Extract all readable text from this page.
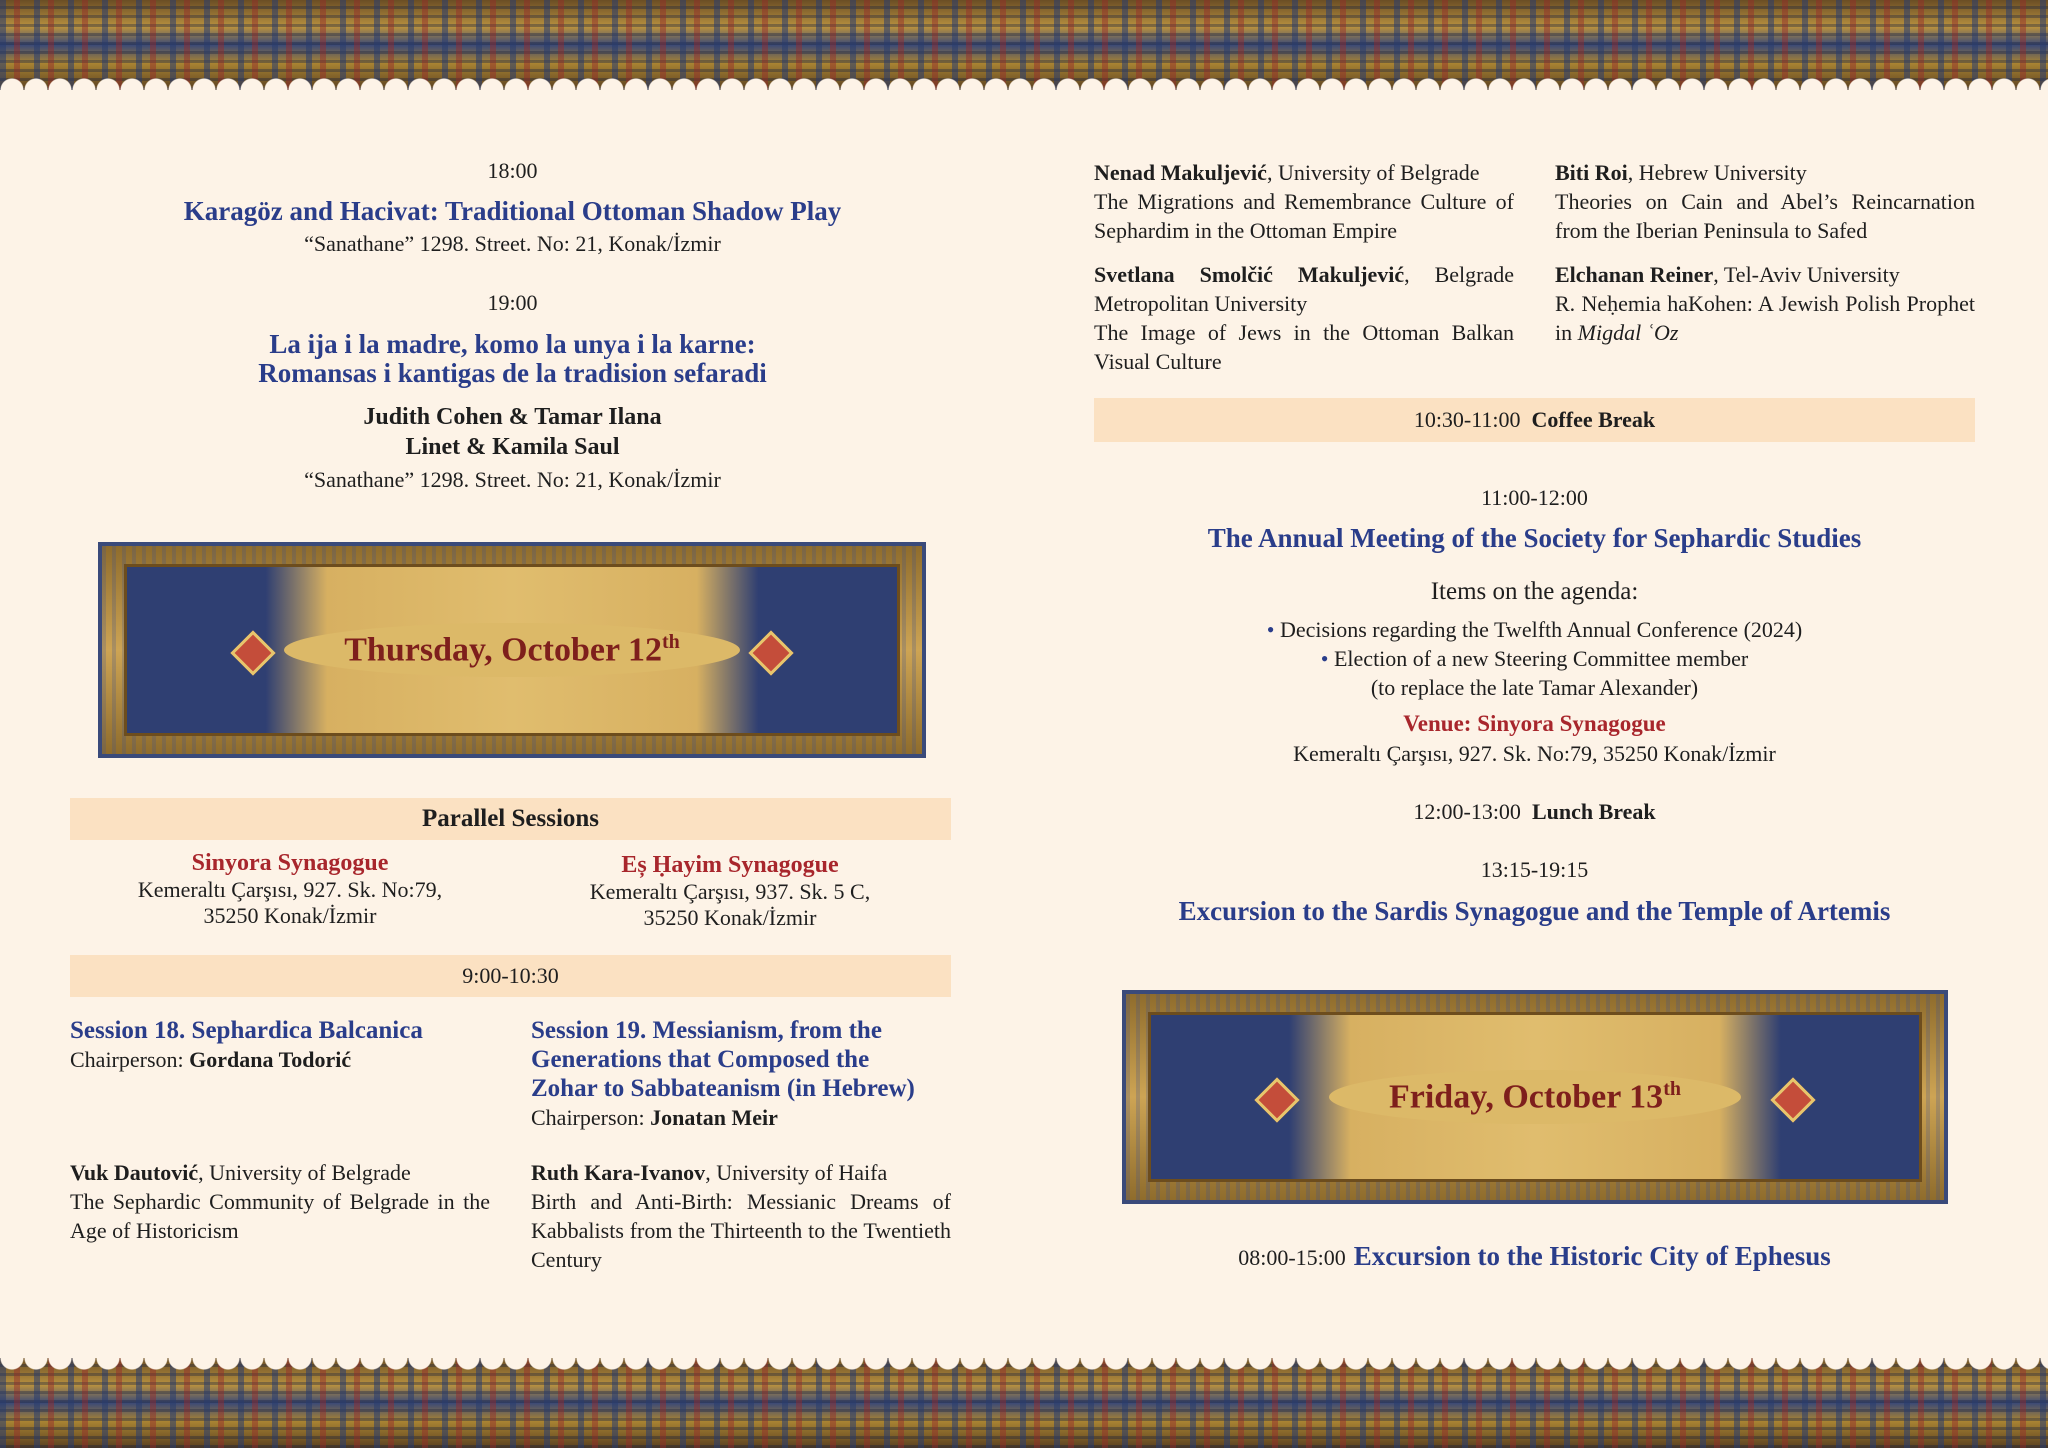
18:00
Karagöz and Hacivat: Traditional Ottoman Shadow Play
“Sanathane” 1298. Street. No: 21, Konak/İzmir
19:00
La ija i la madre, komo la unya i la karne:
Romansas i kantigas de la tradision sefaradi
Judith Cohen & Tamar Ilana
Linet & Kamila Saul
“Sanathane” 1298. Street. No: 21, Konak/İzmir
Thursday, October 12th
Parallel Sessions
Sinyora Synagogue
Kemeraltı Çarşısı, 927. Sk. No:79,
35250 Konak/İzmir
Eș Ḥayim Synagogue
Kemeraltı Çarşısı, 937. Sk. 5 C,
35250 Konak/İzmir
9:00-10:30
Session 18. Sephardica Balcanica
Chairperson: Gordana Todorić
Session 19. Messianism, from the
Generations that Composed the
Zohar to Sabbateanism (in Hebrew)
Chairperson: Jonatan Meir
Vuk Dautović, University of Belgrade
The Sephardic Community of Belgrade in the Age of Historicism
Ruth Kara-Ivanov, University of Haifa
Birth and Anti-Birth: Messianic Dreams of Kabbalists from the Thirteenth to the Twentieth Century
Nenad Makuljević, University of Belgrade
The Migrations and Remembrance Culture of Sephardim in the Ottoman Empire
Svetlana Smolčić Makuljević, Belgrade Metropolitan University
The Image of Jews in the Ottoman Balkan Visual Culture
Biti Roi, Hebrew University
Theories on Cain and Abel’s Reincarnation from the Iberian Peninsula to Safed
Elchanan Reiner, Tel-Aviv University
R. Neḥemia haKohen: A Jewish Polish Prophet in Migdal ʿOz
10:30-11:00
Coffee Break
11:00-12:00
The Annual Meeting of the Society for Sephardic Studies
Items on the agenda:
• Decisions regarding the Twelfth Annual Conference (2024)
• Election of a new Steering Committee member
(to replace the late Tamar Alexander)
Venue: Sinyora Synagogue
Kemeraltı Çarşısı, 927. Sk. No:79, 35250 Konak/İzmir
12:00-13:00 Lunch Break
13:15-19:15
Excursion to the Sardis Synagogue and the Temple of Artemis
Friday, October 13th
08:00-15:00 Excursion to the Historic City of Ephesus
